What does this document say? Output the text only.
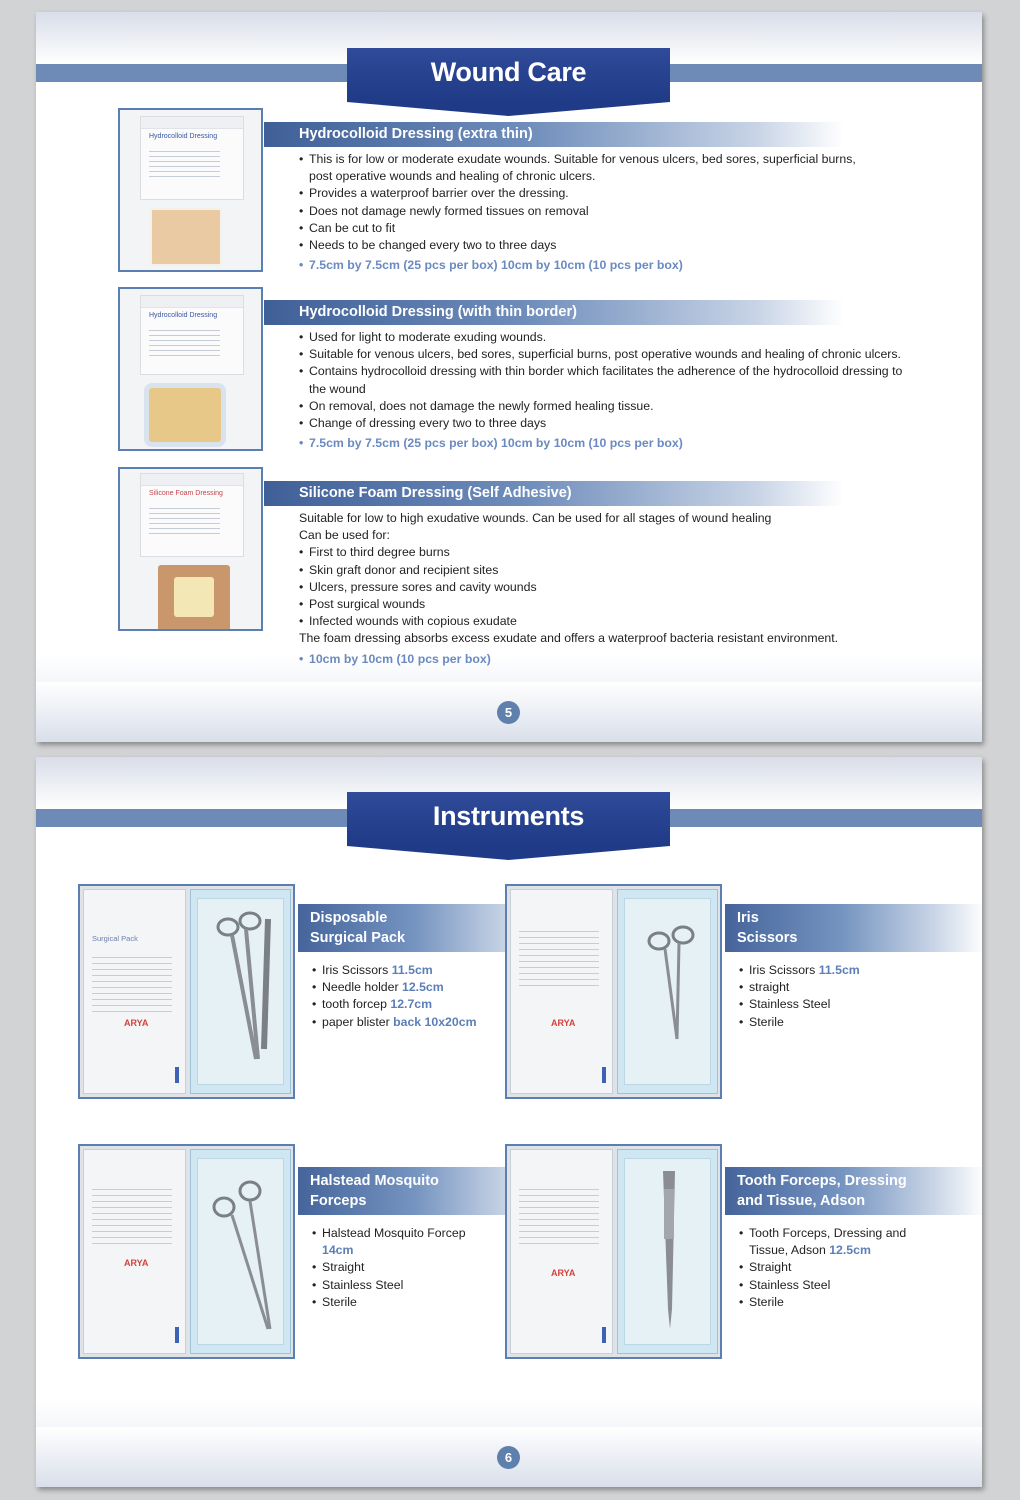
Wound Care
Hydrocolloid Dressing	Hydrocolloid Dressing (extra thin)
• This is for low or moderate exudate wounds. Suitable for venous ulcers, bed sores, superficial burns,
post operative wounds and healing of chronic ulcers.
• Provides a waterproof barrier over the dressing.
• Does not damage newly formed tissues on removal
• Can be cut to fit
• Needs to be changed every two to three days
• 7.5cm by 7.5cm (25 pcs per box) 10cm by 10cm (10 pcs per box)
Hydrocolloid Dressing	Hydrocolloid Dressing (with thin border)
• Used for light to moderate exuding wounds.
• Suitable for venous ulcers, bed sores, superficial burns, post operative wounds and healing of chronic ulcers.
• Contains hydrocolloid dressing with thin border which facilitates the adherence of the hydrocolloid dressing to
the wound
• On removal, does not damage the newly formed healing tissue.
• Change of dressing every two to three days
• 7.5cm by 7.5cm (25 pcs per box) 10cm by 10cm (10 pcs per box)
Silicone Foam Dressing	Silicone Foam Dressing (Self Adhesive)
Suitable for low to high exudative wounds. Can be used for all stages of wound healing
Can be used for:
• First to third degree burns
• Skin graft donor and recipient sites
• Ulcers, pressure sores and cavity wounds
• Post surgical wounds
• Infected wounds with copious exudate
The foam dressing absorbs excess exudate and offers a waterproof bacteria resistant environment.
• 10cm by 10cm (10 pcs per box)
5
Instruments
Surgical Pack
ARYA
Disposable
Surgical Pack
• Iris Scissors 11.5cm
• Needle holder 12.5cm
• tooth forcep 12.7cm
• paper blister back 10x20cm	ARYA
Iris
Scissors
• Iris Scissors 11.5cm
• straight
• Stainless Steel
• Sterile
ARYA
Halstead Mosquito
Forceps
• Halstead Mosquito Forcep 14cm
• Straight
• Stainless Steel
• Sterile
ARYA
Tooth Forceps, Dressing
and Tissue, Adson
• Tooth Forceps, Dressing and Tissue, Adson 12.5cm
• Straight
• Stainless Steel
• Sterile
6
